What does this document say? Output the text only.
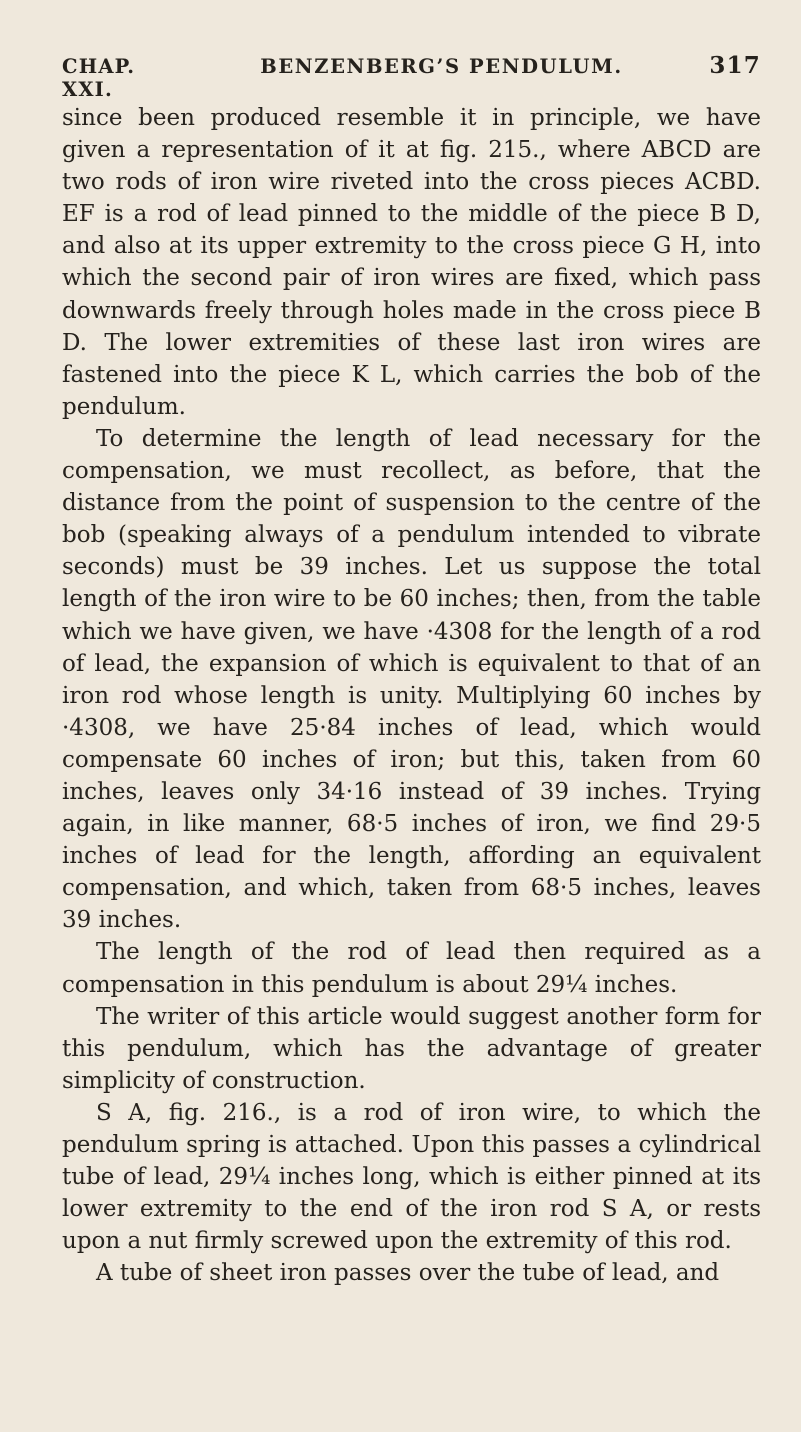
CHAP. XXI.
BENZENBERG’S PENDULUM.	317

since been produced resemble it in principle, we have given a representation of it at fig. 215., where ABCD are two rods of iron wire riveted into the cross pieces ACBD. EF is a rod of lead pinned to the middle of the piece B D, and also at its upper extremity to the cross piece G H, into which the second pair of iron wires are fixed, which pass downwards freely through holes made in the cross piece B D. The lower extremities of these last iron wires are fastened into the piece K L, which carries the bob of the pendulum.

To determine the length of lead necessary for the compensation, we must recollect, as before, that the distance from the point of suspension to the centre of the bob (speaking always of a pendulum intended to vibrate seconds) must be 39 inches. Let us suppose the total length of the iron wire to be 60 inches; then, from the table which we have given, we have ·4308 for the length of a rod of lead, the expansion of which is equivalent to that of an iron rod whose length is unity. Multiplying 60 inches by ·4308, we have 25·84 inches of lead, which would compensate 60 inches of iron; but this, taken from 60 inches, leaves only 34·16 instead of 39 inches. Trying again, in like manner, 68·5 inches of iron, we find 29·5 inches of lead for the length, affording an equivalent compensation, and which, taken from 68·5 inches, leaves 39 inches.

The length of the rod of lead then required as a compensation in this pendulum is about 29¼ inches.

The writer of this article would suggest another form for this pendulum, which has the advantage of greater simplicity of construction.

S A, fig. 216., is a rod of iron wire, to which the pendulum spring is attached. Upon this passes a cylindrical tube of lead, 29¼ inches long, which is either pinned at its lower extremity to the end of the iron rod S A, or rests upon a nut firmly screwed upon the extremity of this rod.

A tube of sheet iron passes over the tube of lead, and
